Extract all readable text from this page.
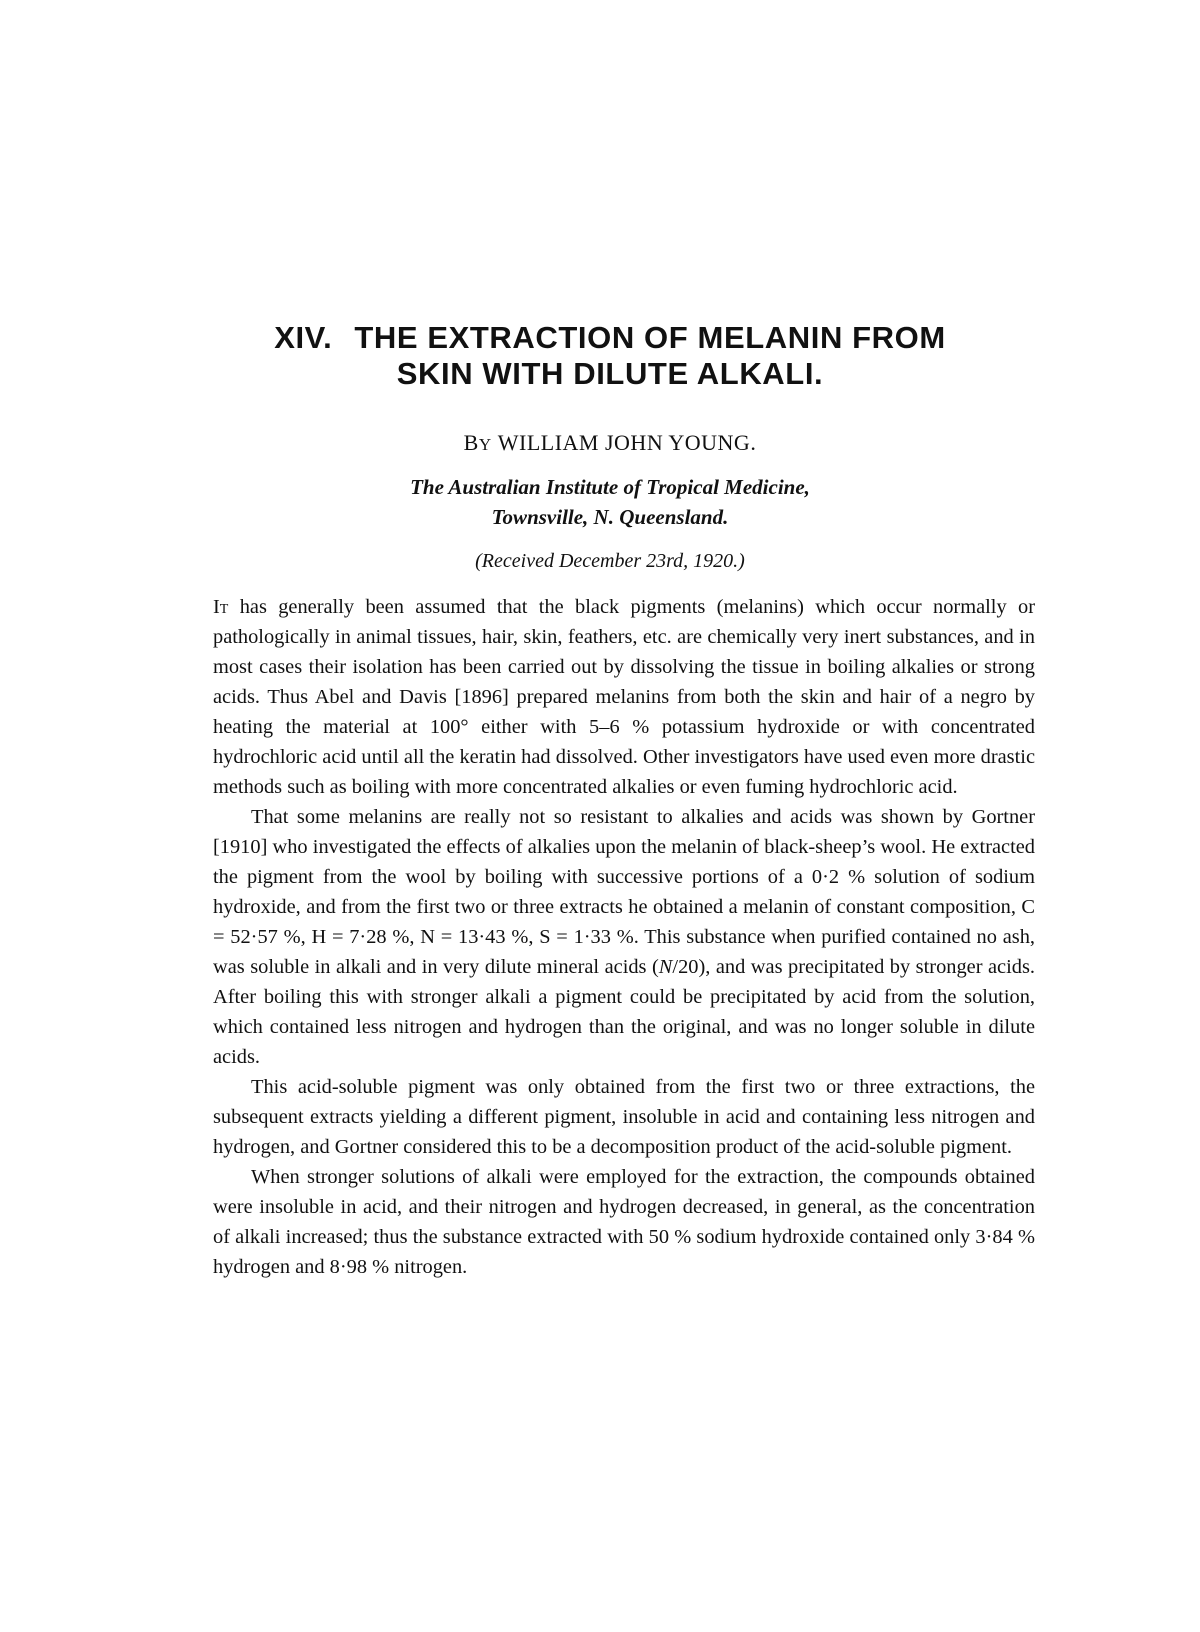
XIV. THE EXTRACTION OF MELANIN FROM
SKIN WITH DILUTE ALKALI.
BY WILLIAM JOHN YOUNG.
The Australian Institute of Tropical Medicine,
Townsville, N. Queensland.
(Received December 23rd, 1920.)

It has generally been assumed that the black pigments (melanins) which occur normally or pathologically in animal tissues, hair, skin, feathers, etc. are chemically very inert substances, and in most cases their isolation has been carried out by dissolving the tissue in boiling alkalies or strong acids. Thus Abel and Davis [1896] prepared melanins from both the skin and hair of a negro by heating the material at 100° either with 5–6 % potassium hydroxide or with concentrated hydrochloric acid until all the keratin had dissolved. Other investigators have used even more drastic methods such as boiling with more concentrated alkalies or even fuming hydrochloric acid.

That some melanins are really not so resistant to alkalies and acids was shown by Gortner [1910] who investigated the effects of alkalies upon the melanin of black-sheep’s wool. He extracted the pigment from the wool by boiling with successive portions of a 0·2 % solution of sodium hydroxide, and from the first two or three extracts he obtained a melanin of constant composition, C = 52·57 %, H = 7·28 %, N = 13·43 %, S = 1·33 %. This substance when purified contained no ash, was soluble in alkali and in very dilute mineral acids (N/20), and was precipitated by stronger acids. After boiling this with stronger alkali a pigment could be precipitated by acid from the solution, which contained less nitrogen and hydrogen than the original, and was no longer soluble in dilute acids.

This acid-soluble pigment was only obtained from the first two or three extractions, the subsequent extracts yielding a different pigment, insoluble in acid and containing less nitrogen and hydrogen, and Gortner considered this to be a decomposition product of the acid-soluble pigment.

When stronger solutions of alkali were employed for the extraction, the compounds obtained were insoluble in acid, and their nitrogen and hydrogen decreased, in general, as the concentration of alkali increased; thus the substance extracted with 50 % sodium hydroxide contained only 3·84 % hydrogen and 8·98 % nitrogen.
